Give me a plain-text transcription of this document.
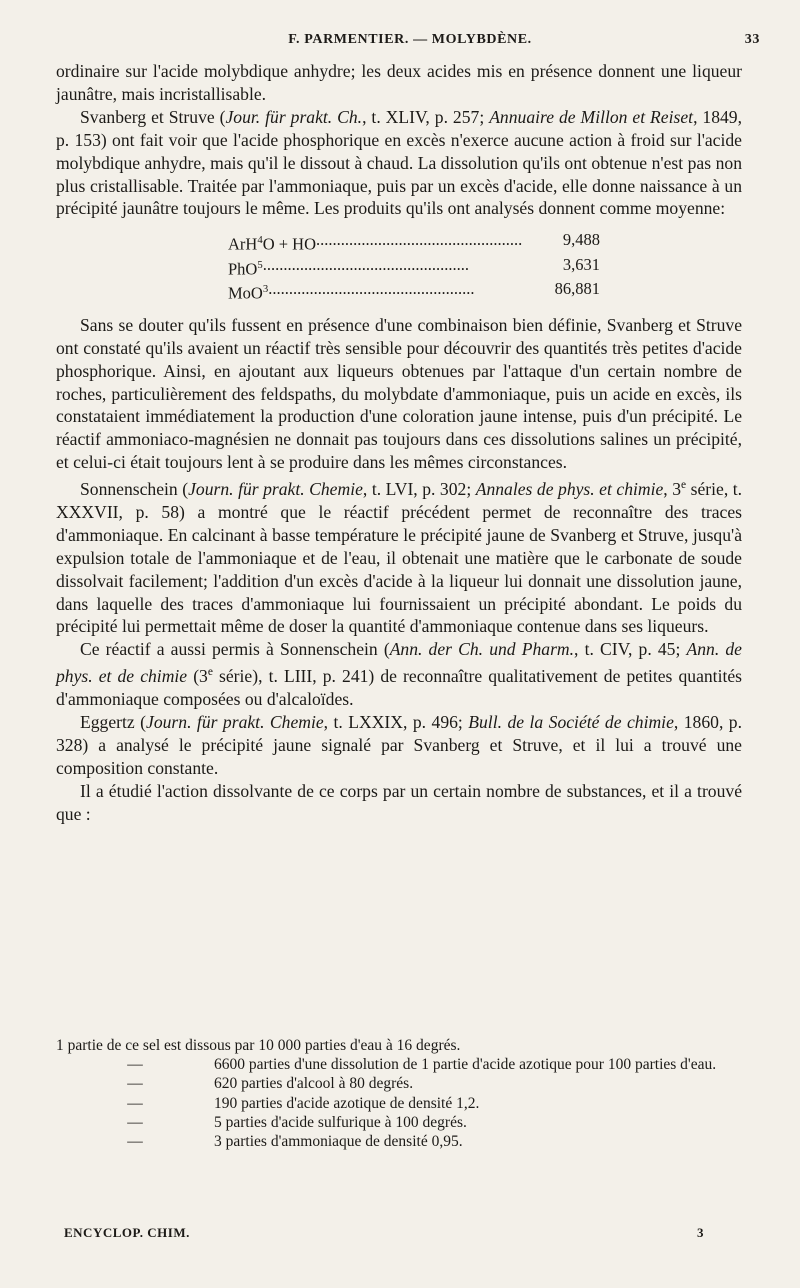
F. PARMENTIER. — MOLYBDÈNE.	33

ordinaire sur l'acide molybdique anhydre; les deux acides mis en présence donnent une liqueur jaunâtre, mais incristallisable.

Svanberg et Struve (Jour. für prakt. Ch., t. XLIV, p. 257; Annuaire de Millon et Reiset, 1849, p. 153) ont fait voir que l'acide phosphorique en excès n'exerce aucune action à froid sur l'acide molybdique anhydre, mais qu'il le dissout à chaud. La dissolution qu'ils ont obtenue n'est pas non plus cristallisable. Traitée par l'ammoniaque, puis par un excès d'acide, elle donne naissance à un précipité jaunâtre toujours le même. Les produits qu'ils ont analysés donnent comme moyenne:

ArH$^4$O + HO ..................................................	9,488
PhO$^5$ ..................................................	3,631
MoO$^3$ ..................................................	86,881

Sans se douter qu'ils fussent en présence d'une combinaison bien définie, Svanberg et Struve ont constaté qu'ils avaient un réactif très sensible pour découvrir des quantités très petites d'acide phosphorique. Ainsi, en ajoutant aux liqueurs obtenues par l'attaque d'un certain nombre de roches, particulièrement des feldspaths, du molybdate d'ammoniaque, puis un acide en excès, ils constataient immédiatement la production d'une coloration jaune intense, puis d'un précipité. Le réactif ammoniaco-magnésien ne donnait pas toujours dans ces dissolutions salines un précipité, et celui-ci était toujours lent à se produire dans les mêmes circonstances.

Sonnenschein (Journ. für prakt. Chemie, t. LVI, p. 302; Annales de phys. et chimie, 3e série, t. XXXVII, p. 58) a montré que le réactif précédent permet de reconnaître des traces d'ammoniaque. En calcinant à basse température le précipité jaune de Svanberg et Struve, jusqu'à expulsion totale de l'ammoniaque et de l'eau, il obtenait une matière que le carbonate de soude dissolvait facilement; l'addition d'un excès d'acide à la liqueur lui donnait une dissolution jaune, dans laquelle des traces d'ammoniaque lui fournissaient un précipité abondant. Le poids du précipité lui permettait même de doser la quantité d'ammoniaque contenue dans ses liqueurs.

Ce réactif a aussi permis à Sonnenschein (Ann. der Ch. und Pharm., t. CIV, p. 45; Ann. de phys. et de chimie (3e série), t. LIII, p. 241) de reconnaître qualitativement de petites quantités d'ammoniaque composées ou d'alcaloïdes.

Eggertz (Journ. für prakt. Chemie, t. LXXIX, p. 496; Bull. de la Société de chimie, 1860, p. 328) a analysé le précipité jaune signalé par Svanberg et Struve, et il lui a trouvé une composition constante.

Il a étudié l'action dissolvante de ce corps par un certain nombre de substances, et il a trouvé que :

1 partie de ce sel est dissous par
10 000 parties d'eau à 16 degrés.
—	6600 parties d'une dissolution de 1 partie d'acide azotique pour 100 parties d'eau.
—	620 parties d'alcool à 80 degrés.
—	190 parties d'acide azotique de densité 1,2.
—	5 parties d'acide sulfurique à 100 degrés.
—	3 parties d'ammoniaque de densité 0,95.
ENCYCLOP. CHIM.	3
